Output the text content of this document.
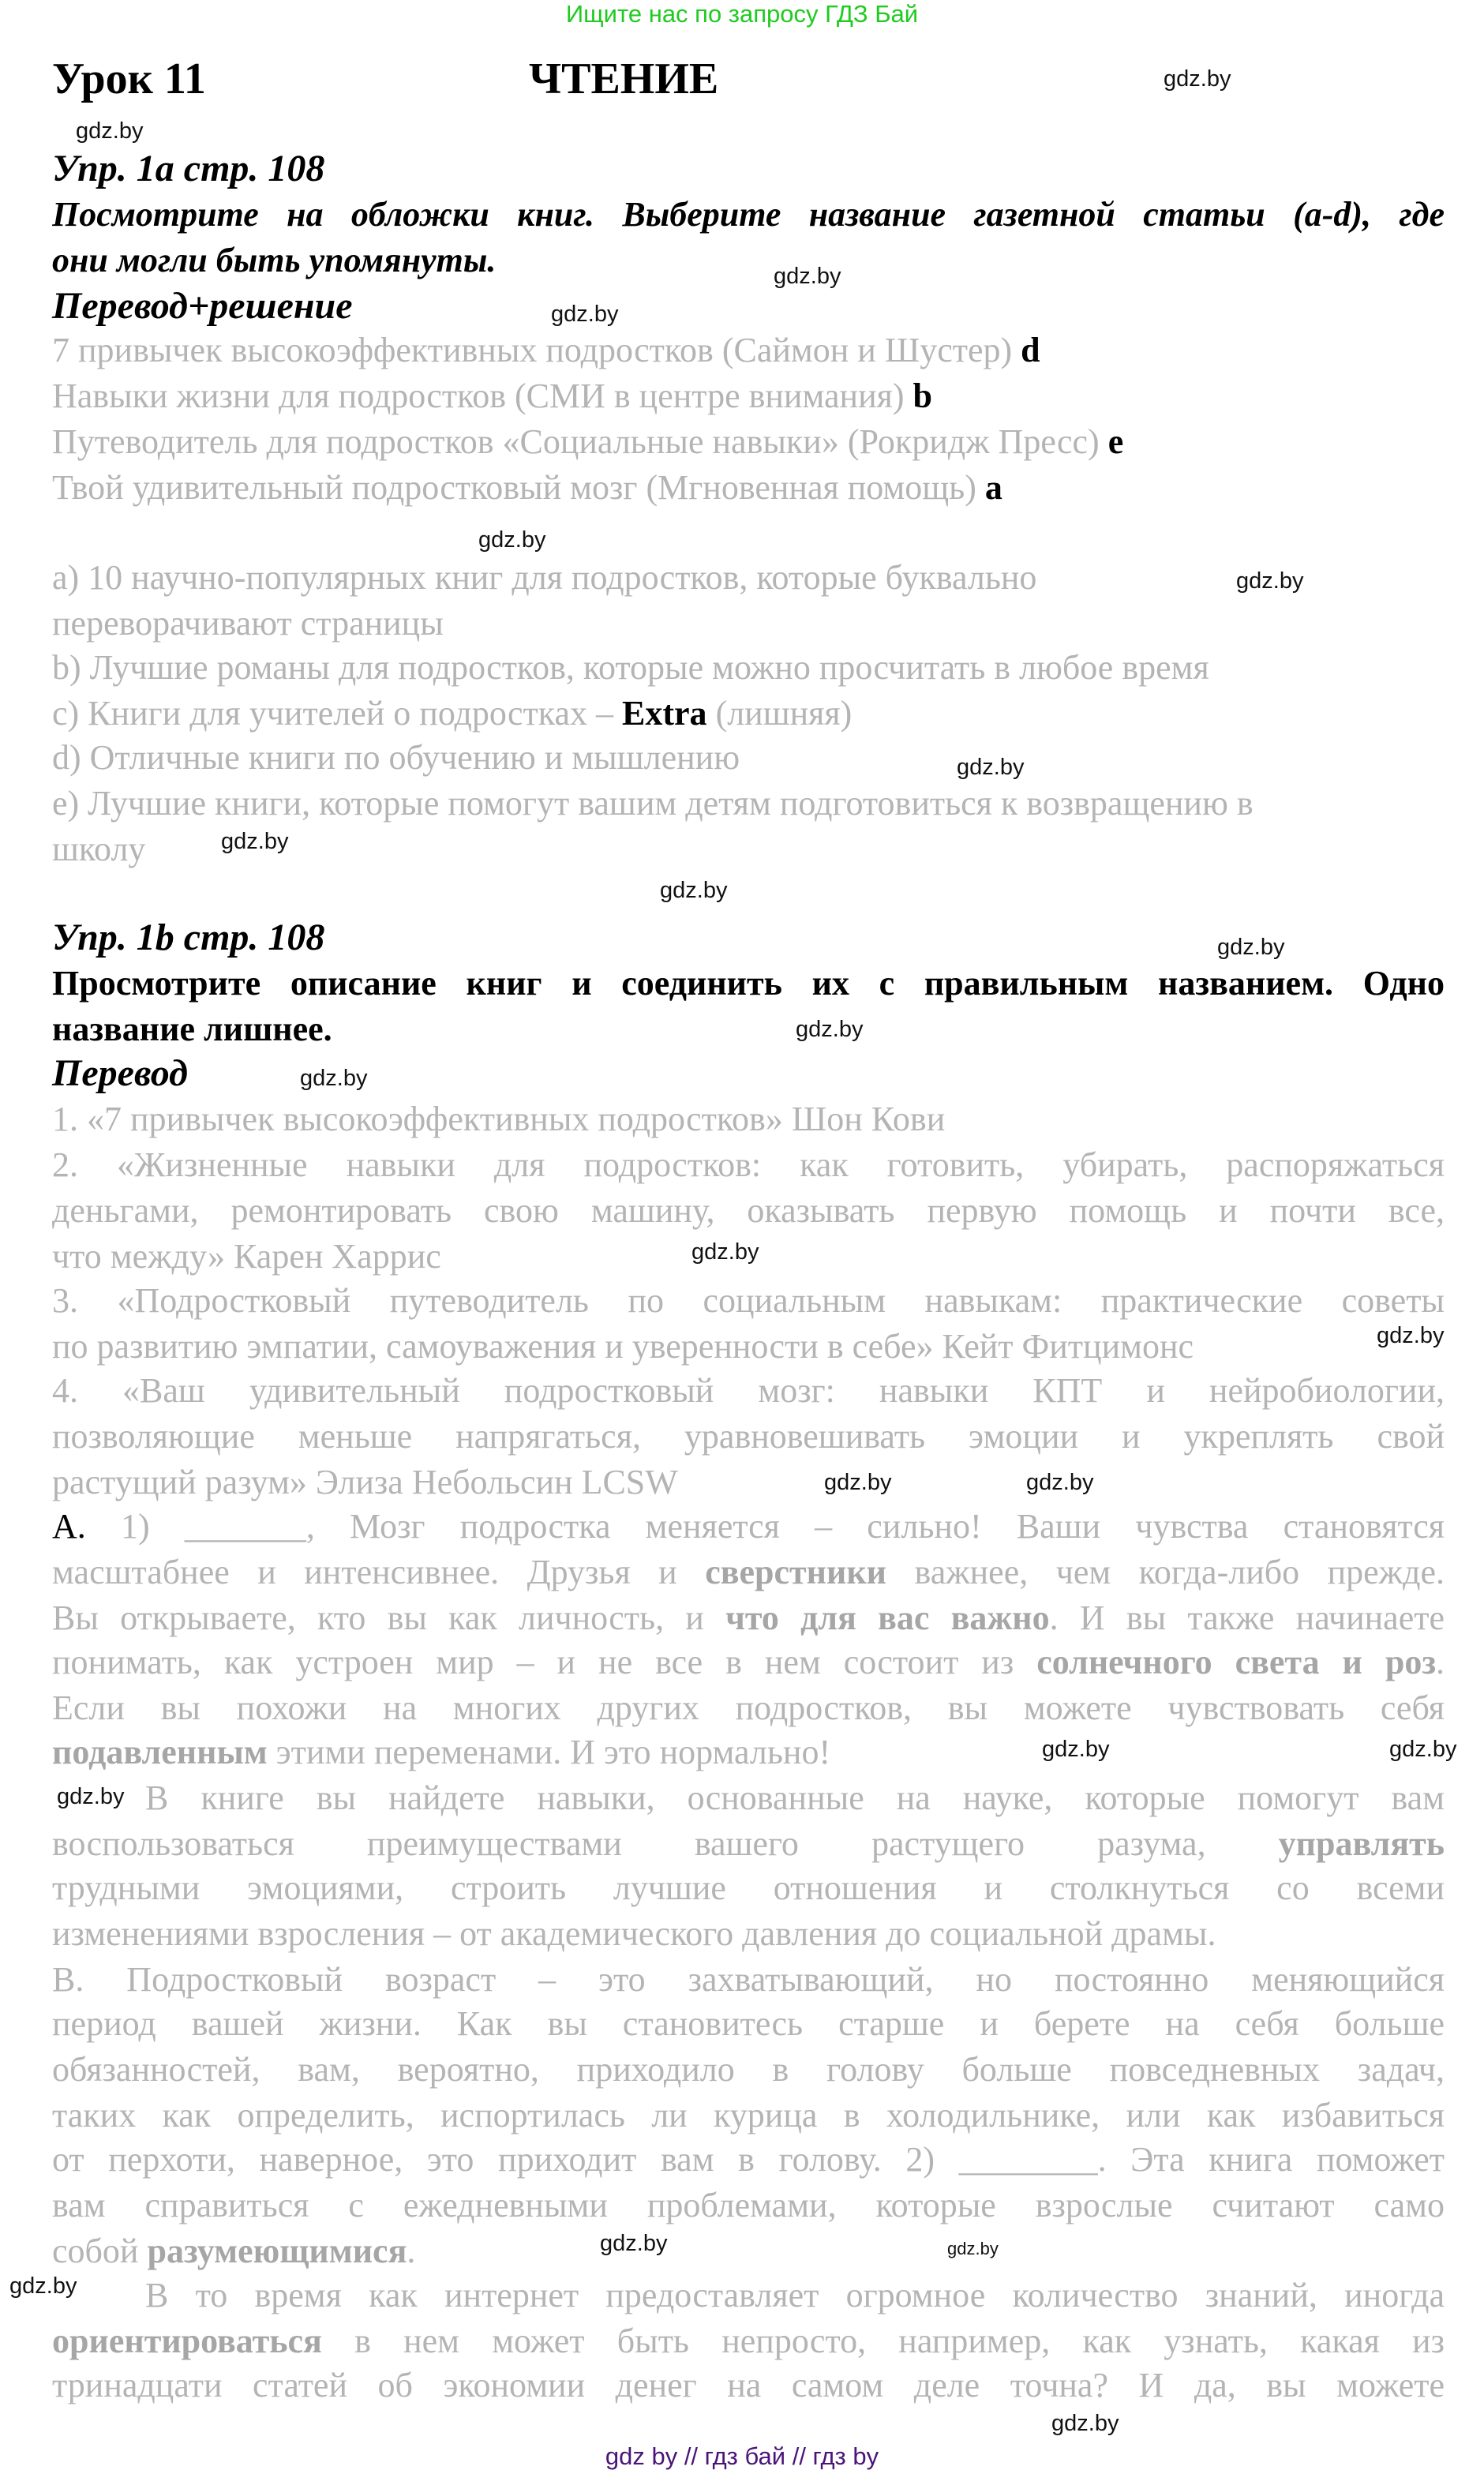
Ищите нас по запросу ГДЗ Бай
Урок 11	ЧТЕНИЕ
Упр. 1a стр. 108
Посмотрите на обложки книг. Выберите название газетной статьи (a-d), где
они могли быть упомянуты.
Перевод+решение
7 привычек высокоэффективных подростков (Саймон и Шустер) d
Навыки жизни для подростков (СМИ в центре внимания) b
Путеводитель для подростков «Социальные навыки» (Рокридж Пресс) e
Твой удивительный подростковый мозг (Мгновенная помощь) a
a) 10 научно-популярных книг для подростков, которые буквально
переворачивают страницы
b) Лучшие романы для подростков, которые можно просчитать в любое время
c) Книги для учителей о подростках – Extra (лишняя)
d) Отличные книги по обучению и мышлению
e) Лучшие книги, которые помогут вашим детям подготовиться к возвращению в
школу
Упр. 1b стр. 108
Просмотрите описание книг и соединить их с правильным названием. Одно
название лишнее.
Перевод
1. «7 привычек высокоэффективных подростков» Шон Кови
2. «Жизненные навыки для подростков: как готовить, убирать, распоряжаться
деньгами, ремонтировать свою машину, оказывать первую помощь и почти все,
что между» Карен Харрис
3. «Подростковый путеводитель по социальным навыкам: практические советы
по развитию эмпатии, самоуважения и уверенности в себе» Кейт Фитцимонс
4. «Ваш удивительный подростковый мозг: навыки КПТ и нейробиологии,
позволяющие меньше напрягаться, уравновешивать эмоции и укреплять свой
растущий разум» Элиза Небольсин LCSW
A. 1) _______, Мозг подростка меняется – сильно! Ваши чувства становятся
масштабнее и интенсивнее. Друзья и сверстники важнее, чем когда-либо прежде.
Вы открываете, кто вы как личность, и что для вас важно. И вы также начинаете
понимать, как устроен мир – и не все в нем состоит из солнечного света и роз.
Если вы похожи на многих других подростков, вы можете чувствовать себя
подавленным этими переменами. И это нормально!
В книге вы найдете навыки, основанные на науке, которые помогут вам
воспользоваться преимуществами вашего растущего разума, управлять
трудными эмоциями, строить лучшие отношения и столкнуться со всеми
изменениями взросления – от академического давления до социальной драмы.
B. Подростковый возраст – это захватывающий, но постоянно меняющийся
период вашей жизни. Как вы становитесь старше и берете на себя больше
обязанностей, вам, вероятно, приходило в голову больше повседневных задач,
таких как определить, испортилась ли курица в холодильнике, или как избавиться
от перхоти, наверное, это приходит вам в голову. 2) ________. Эта книга поможет
вам справиться с ежедневными проблемами, которые взрослые считают само
собой разумеющимися.
В то время как интернет предоставляет огромное количество знаний, иногда
ориентироваться в нем может быть непросто, например, как узнать, какая из
тринадцати статей об экономии денег на самом деле точна? И да, вы можете
gdz.by
gdz.by
gdz.by
gdz.by
gdz.by
gdz.by
gdz.by
gdz.by
gdz.by
gdz.by
gdz.by
gdz.by
gdz.by
gdz.by
gdz.by	gdz.by
gdz.by	gdz.by
gdz.by
gdz.by
gdz.by
gdz.by
gdz.by
gdz by // гдз бай // гдз by
